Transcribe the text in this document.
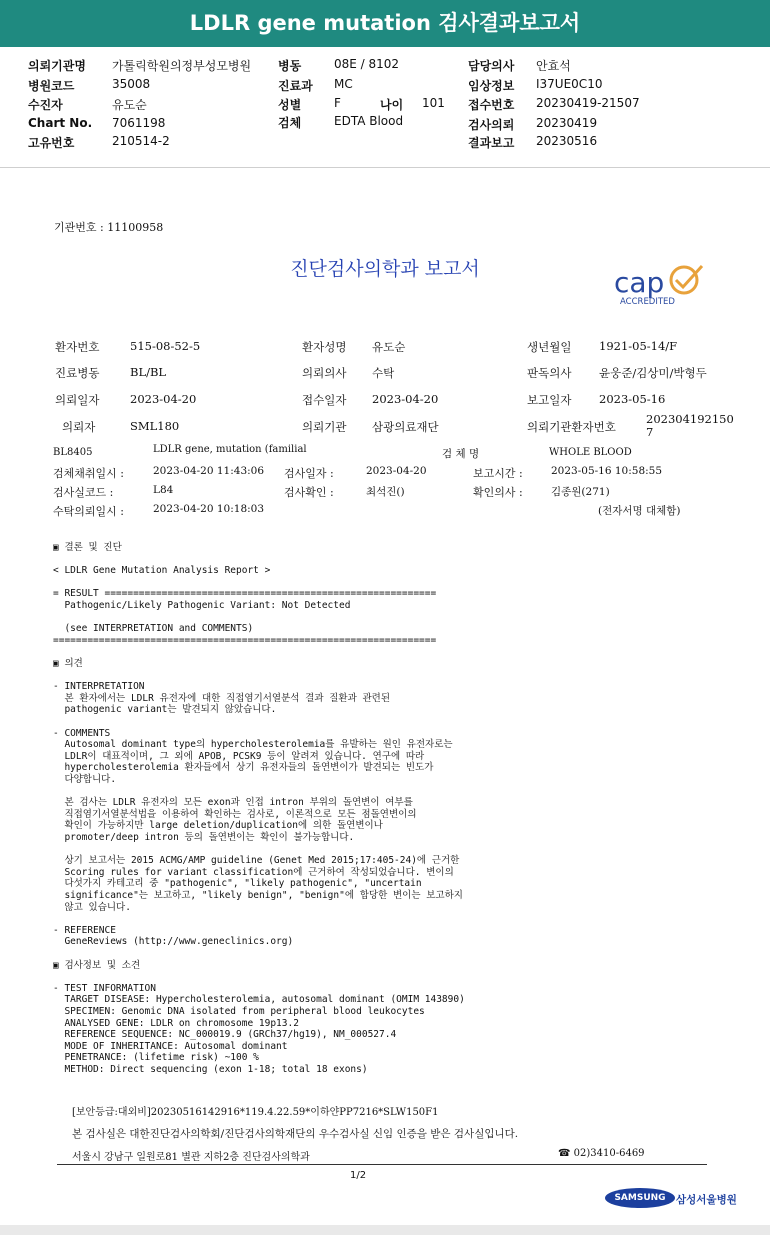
LDLR gene mutation 검사결과보고서
의뢰기관명 가톨릭학원의정부성모병원
병원코드	35008
수진자	유도순
Chart No. 7061198
고유번호	210514-2
병동	08E / 8102
진료과 MC
성별	F	나이 101
검체	EDTA Blood
담당의사 안효석
임상정보 I37UE0C10
접수번호 20230419-21507
검사의뢰 20230419
결과보고 20230516
기관번호 : 11100958
진단검사의학과 보고서	cap
ACCREDITED
환자번호	515-08-52-5	환자성명 유도순	생년월일 1921-05-14/F
진료병동	BL/BL	의뢰의사 수탁	판독의사 윤웅준/김상미/박형두
의뢰일자	2023-04-20	접수일자 2023-04-20	보고일자 2023-05-16
의뢰자	SML180	의뢰기관 삼광의료재단	의뢰기관환자번호
202304192150
7
BL8405	LDLR gene, mutation (familial	검 체 명	WHOLE BLOOD
검체채취일시 :	2023-04-20 11:43:06 검사일자 :	2023-04-20	보고시간 :	2023-05-16 10:58:55
검사실코드 :	L84	검사확인 :	최석진()	확인의사 :	김종원(271)
수탁의뢰일시 :	2023-04-20 10:18:03	(전자서명 대체함)
▣ 결론 및 진단
< LDLR Gene Mutation Analysis Report >
= RESULT ==========================================================
Pathogenic/Likely Pathogenic Variant: Not Detected
(see INTERPRETATION and COMMENTS)
===================================================================
▣ 의견
- INTERPRETATION
본 환자에서는 LDLR 유전자에 대한 직접염기서열분석 결과 질환과 관련된
pathogenic variant는 발견되지 않았습니다.
- COMMENTS
Autosomal dominant type의 hypercholesterolemia를 유발하는 원인 유전자로는
LDLR이 대표적이며, 그 외에 APOB, PCSK9 등이 알려져 있습니다. 연구에 따라
hypercholesterolemia 환자들에서 상기 유전자들의 돌연변이가 발견되는 빈도가
다양합니다.
본 검사는 LDLR 유전자의 모든 exon과 인접 intron 부위의 돌연변이 여부를
직접염기서열분석법을 이용하여 확인하는 검사로, 이론적으로 모든 점돌연변이의
확인이 가능하지만 large deletion/duplication에 의한 돌연변이나
promoter/deep intron 등의 돌연변이는 확인이 불가능합니다.
상기 보고서는 2015 ACMG/AMP guideline (Genet Med 2015;17:405-24)에 근거한
Scoring rules for variant classification에 근거하여 작성되었습니다. 변이의
다섯가지 카테고리 중 "pathogenic", "likely pathogenic", "uncertain
significance"는 보고하고, "likely benign", "benign"에 합당한 변이는 보고하지
않고 있습니다.
- REFERENCE
GeneReviews (http://www.geneclinics.org)
▣ 검사정보 및 소견
- TEST INFORMATION
TARGET DISEASE: Hypercholesterolemia, autosomal dominant (OMIM 143890)
SPECIMEN: Genomic DNA isolated from peripheral blood leukocytes
ANALYSED GENE: LDLR on chromosome 19p13.2
REFERENCE SEQUENCE: NC_000019.9 (GRCh37/hg19), NM_000527.4
MODE OF INHERITANCE: Autosomal dominant
PENETRANCE: (lifetime risk) ~100 %
METHOD: Direct sequencing (exon 1-18; total 18 exons)
[보안등급:대외비]20230516142916*119.4.22.59*이하얀PP7216*SLW150F1
본 검사실은 대한진단검사의학회/진단검사의학재단의 우수검사실 신임 인증을 받은 검사실입니다.
서울시 강남구 일원로81 별관 지하2층 진단검사의학과	☎ 02)3410-6469
1/2
SAMSUNG 삼성서울병원
